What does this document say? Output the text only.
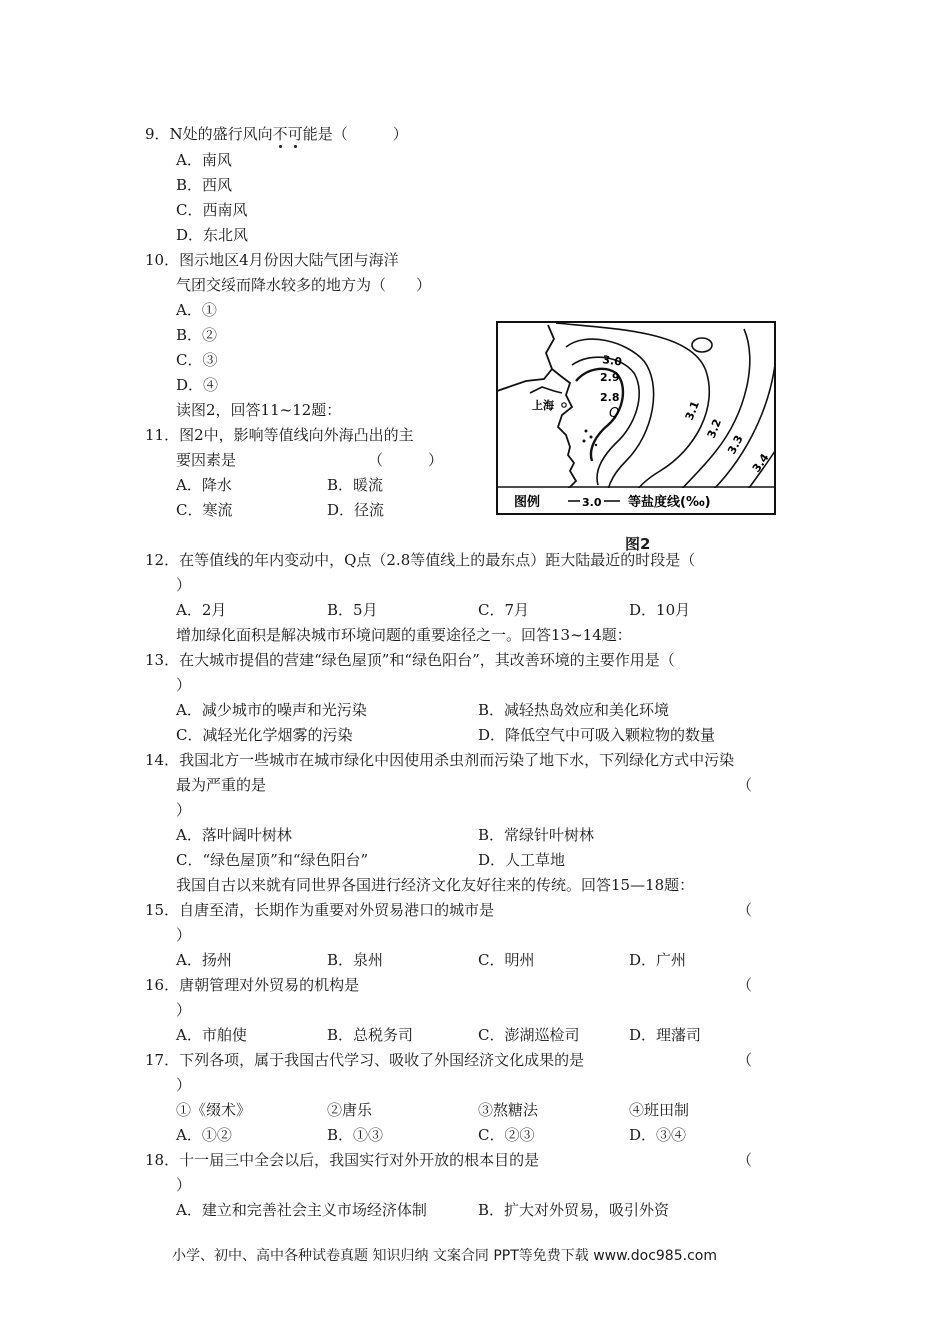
9．N处的盛行风向不可能是（　　　）
A．南风
B．西风
C．西南风
D．东北风
10．图示地区4月份因大陆气团与海洋
气团交绥而降水较多的地方为（　　）
A．①
B．②
C．③
D．④
读图2，回答11~12题：
11．图2中，影响等值线向外海凸出的主
要因素是	（　　　）
A．降水	B．暖流
C．寒流	D．径流
上海
Q
3.0
2.9
2.8
3.1
3.2
3.3
3.4
图例	3.0 等盐度线(‰)
图2
12．在等值线的年内变动中，Q点（2.8等值线上的最东点）距大陆最近的时段是（
）
A．2月	B．5月	C．7月	D．10月
增加绿化面积是解决城市环境问题的重要途径之一。回答13~14题：
13．在大城市提倡的营建“绿色屋顶”和“绿色阳台”，其改善环境的主要作用是（
）
A．减少城市的噪声和光污染	B．减轻热岛效应和美化环境
C．减轻光化学烟雾的污染	D．降低空气中可吸入颗粒物的数量
14．我国北方一些城市在城市绿化中因使用杀虫剂而污染了地下水，下列绿化方式中污染
最为严重的是	（
）
A．落叶阔叶树林	B．常绿针叶树林
C．“绿色屋顶”和“绿色阳台”	D．人工草地
我国自古以来就有同世界各国进行经济文化友好往来的传统。回答15—18题：
15．自唐至清，长期作为重要对外贸易港口的城市是	（
）
A．扬州	B．泉州	C．明州	D．广州
16．唐朝管理对外贸易的机构是	（
）
A．市舶使	B．总税务司	C．澎湖巡检司	D．理藩司
17．下列各项，属于我国古代学习、吸收了外国经济文化成果的是	（
）
①《缀术》	②唐乐	③熬糖法	④班田制
A．①②	B．①③	C．②③	D．③④
18．十一届三中全会以后，我国实行对外开放的根本目的是	（
）
A．建立和完善社会主义市场经济体制	B．扩大对外贸易，吸引外资
小学、初中、高中各种试卷真题 知识归纳 文案合同 PPT等免费下载 www.doc985.com
